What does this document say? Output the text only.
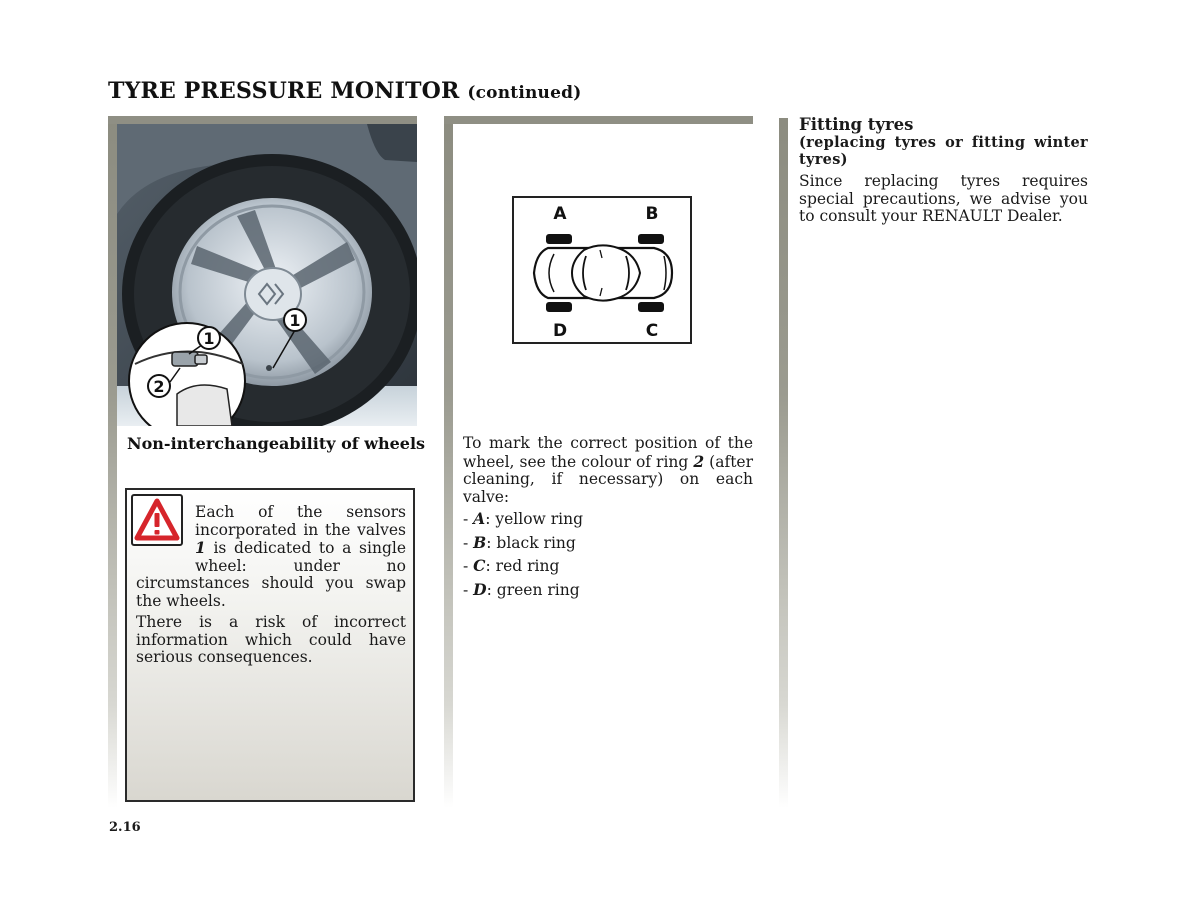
TYRE PRESSURE MONITOR (continued)
1
2
1
Non-interchangeability of wheels

Each of the sensors incorporated in the valves 1 is dedicated to a single wheel: under no circumstances should you swap the wheels.

There is a risk of incorrect information which could have serious consequences.

A	B
D	C

To mark the correct position of the wheel, see the colour of ring 2 (after cleaning, if necessary) on each valve:

- A: yellow ring
- B: black ring
- C: red ring
- D: green ring
Fitting tyres
(replacing tyres or fitting winter tyres)

Since replacing tyres requires special precautions, we advise you to consult your RENAULT Dealer.

2.16
